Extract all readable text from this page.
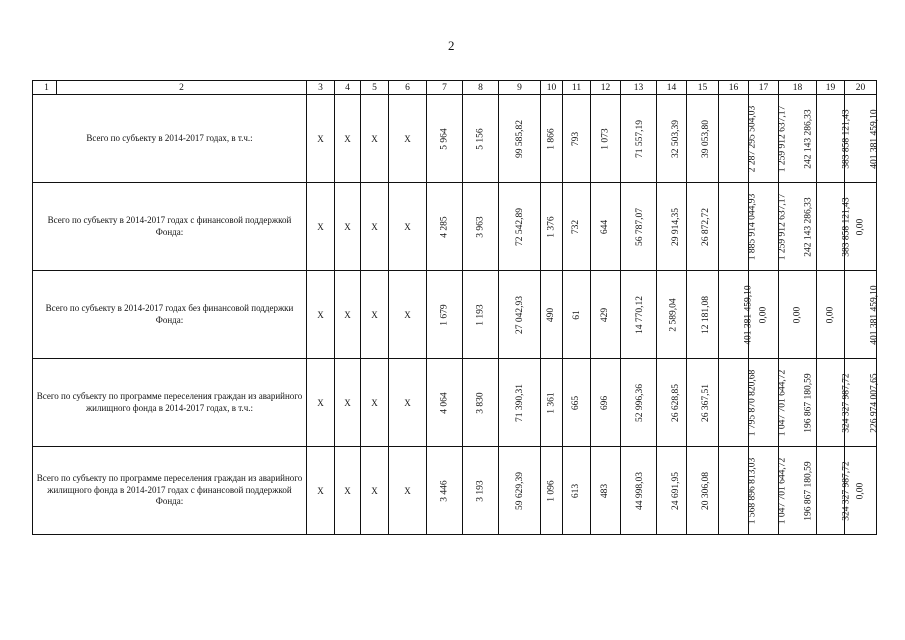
2
1	2	3	4	5	6	7	8	9	10	11	12	13	14	15	16	17	18	19	20
Всего по субъекту в 2014-2017 годах, в т.ч.:		Х	Х	Х	Х	5 964	5 156	99 585,82	1 866	793	1 073	71 557,19	32 503,39	39 053,80	2 287 295 504,03	1 259 912 637,17	242 143 286,33	383 858 121,43	401 381 459,10
Всего по субъекту в 2014-2017 годах с финансовой поддержкой Фонда:		Х	Х	Х	Х	4 285	3 963	72 542,89	1 376	732	644	56 787,07	29 914,35	26 872,72	1 885 914 044,93	1 259 912 637,17	242 143 286,33	383 858 121,43	0,00
Всего по субъекту в 2014-2017 годах без финансовой поддержки Фонда:		Х	Х	Х	Х	1 679	1 193	27 042,93	490	61	429	14 770,12	2 589,04	12 181,08	401 381 459,10	0,00	0,00	0,00	401 381 459,10
Всего по субъекту по программе переселения граждан из аварийного жилищного фонда в 2014-2017 годах, в т.ч.:		Х	Х	Х	Х	4 064	3 830	71 390,31	1 361	665	696	52 996,36	26 628,85	26 367,51	1 795 870 820,68	1 047 701 644,72	196 867 180,59	324 327 987,72	226 974 007,65
Всего по субъекту по программе переселения граждан из аварийного жилищного фонда в 2014-2017 годах с финансовой поддержкой Фонда:		Х	Х	Х	Х	3 446	3 193	59 629,39	1 096	613	483	44 998,03	24 691,95	20 306,08	1 568 896 813,03	1 047 701 644,72	196 867 180,59	324 327 987,72	0,00
